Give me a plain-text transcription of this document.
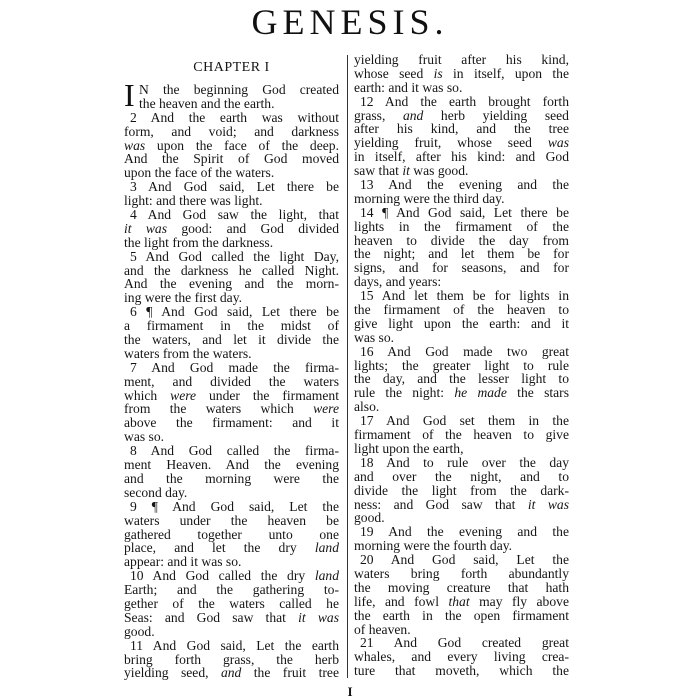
GENESIS.
CHAPTER I
I N the beginning God created
the heaven and the earth.
2 And the earth was without
form, and void; and darkness
was upon the face of the deep.
And the Spirit of God moved
upon the face of the waters.
3 And God said, Let there be
light: and there was light.
4 And God saw the light, that
it was good: and God divided
the light from the darkness.
5 And God called the light Day,
and the darkness he called Night.
And the evening and the morn-
ing were the first day.
6 ¶ And God said, Let there be
a firmament in the midst of
the waters, and let it divide the
waters from the waters.
7 And God made the firma-
ment, and divided the waters
which were under the firmament
from the waters which were
above the firmament: and it
was so.
8 And God called the firma-
ment Heaven. And the evening
and the morning were the
second day.
9 ¶ And God said, Let the
waters under the heaven be
gathered together unto one
place, and let the dry land
appear: and it was so.
10 And God called the dry land
Earth; and the gathering to-
gether of the waters called he
Seas: and God saw that it was
good.
11 And God said, Let the earth
bring forth grass, the herb
yielding seed, and the fruit tree
yielding fruit after his kind,
whose seed is in itself, upon the
earth: and it was so.
12 And the earth brought forth
grass, and herb yielding seed
after his kind, and the tree
yielding fruit, whose seed was
in itself, after his kind: and God
saw that it was good.
13 And the evening and the
morning were the third day.
14 ¶ And God said, Let there be
lights in the firmament of the
heaven to divide the day from
the night; and let them be for
signs, and for seasons, and for
days, and years:
15 And let them be for lights in
the firmament of the heaven to
give light upon the earth: and it
was so.
16 And God made two great
lights; the greater light to rule
the day, and the lesser light to
rule the night: he made the stars
also.
17 And God set them in the
firmament of the heaven to give
light upon the earth,
18 And to rule over the day
and over the night, and to
divide the light from the dark-
ness: and God saw that it was
good.
19 And the evening and the
morning were the fourth day.
20 And God said, Let the
waters bring forth abundantly
the moving creature that hath
life, and fowl that may fly above
the earth in the open firmament
of heaven.
21 And God created great
whales, and every living crea-
ture that moveth, which the
I
